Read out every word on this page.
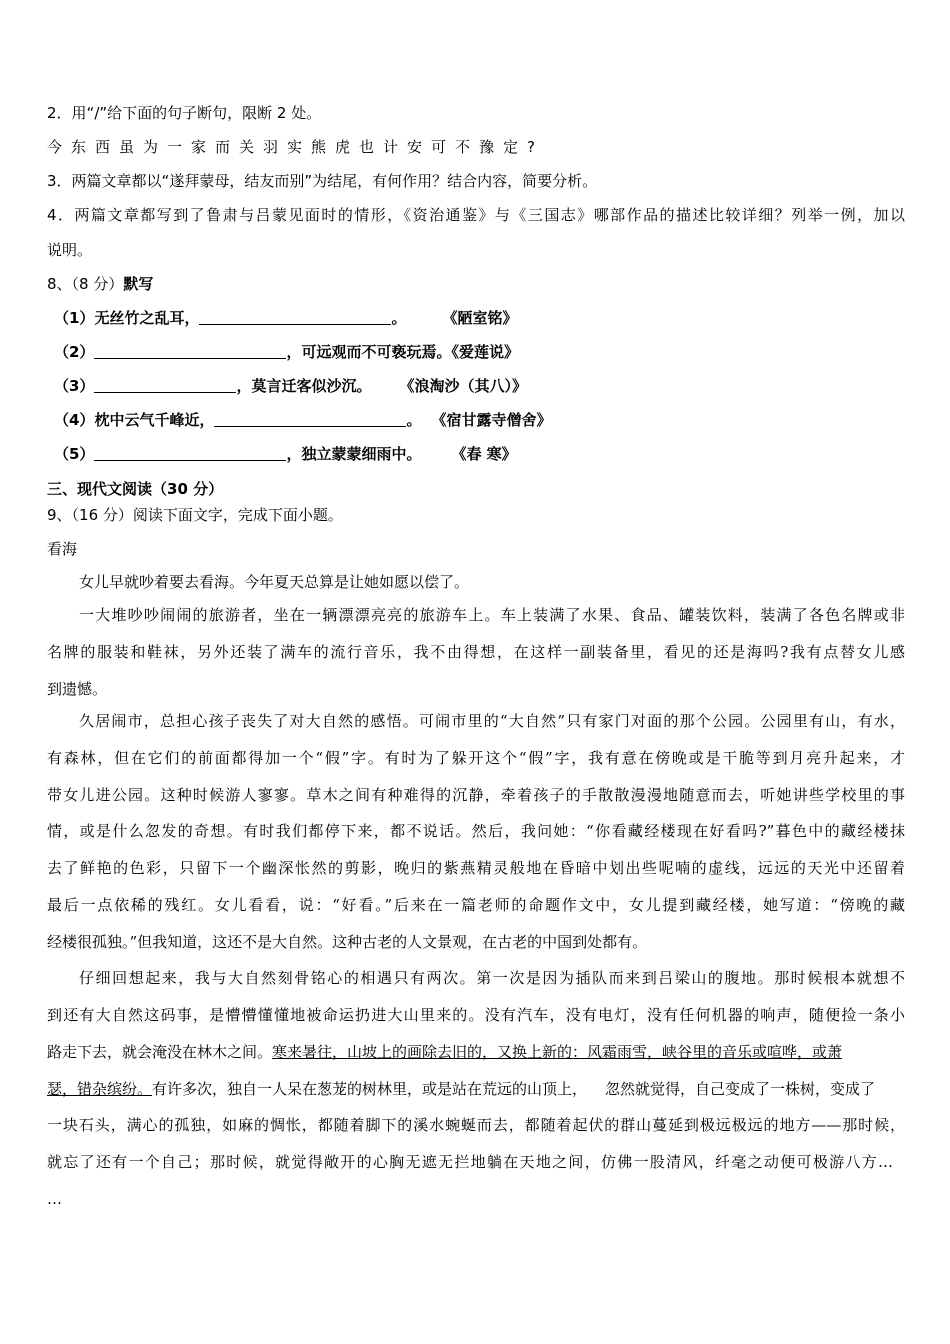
2．用“/”给下面的句子断句，限断 2 处。
今东西虽为一家而关羽实熊虎也计安可不豫定?
3．两篇文章都以“遂拜蒙母，结友而别”为结尾，有何作用？结合内容，简要分析。
4．两篇文章都写到了鲁肃与吕蒙见面时的情形，《资治通鉴》与《三国志》哪部作品的描述比较详细？列举一例，加以
说明。
8、（8 分）默写
（1）无丝竹之乱耳，	。 《陋室铭》
（2）	，可远观而不可亵玩焉。《爱莲说》
（3）	，莫言迁客似沙沉。 《浪淘沙（其八）》
（4）枕中云气千峰近，	。 《宿甘露寺僧舍》
（5）	，独立蒙蒙细雨中。 《春 寒》
三、现代文阅读（30 分）
9、（16 分）阅读下面文字，完成下面小题。
看海
女儿早就吵着要去看海。今年夏天总算是让她如愿以偿了。
一大堆吵吵闹闹的旅游者，坐在一辆漂漂亮亮的旅游车上。车上装满了水果、食品、罐装饮料，装满了各色名牌或非
名牌的服装和鞋袜，另外还装了满车的流行音乐，我不由得想，在这样一副装备里，看见的还是海吗?我有点替女儿感
到遗憾。
久居闹市，总担心孩子丧失了对大自然的感悟。可闹市里的“大自然”只有家门对面的那个公园。公园里有山，有水，
有森林，但在它们的前面都得加一个“假”字。有时为了躲开这个“假”字，我有意在傍晚或是干脆等到月亮升起来，才
带女儿进公园。这种时候游人寥寥。草木之间有种难得的沉静，牵着孩子的手散散漫漫地随意而去，听她讲些学校里的事
情，或是什么忽发的奇想。有时我们都停下来，都不说话。然后，我问她：“你看藏经楼现在好看吗?”暮色中的藏经楼抹
去了鲜艳的色彩，只留下一个幽深怅然的剪影，晚归的紫燕精灵般地在昏暗中划出些呢喃的虚线，远远的天光中还留着
最后一点依稀的残红。女儿看看，说：“好看。”后来在一篇老师的命题作文中，女儿提到藏经楼，她写道：“傍晚的藏
经楼很孤独。”但我知道，这还不是大自然。这种古老的人文景观，在古老的中国到处都有。
仔细回想起来，我与大自然刻骨铭心的相遇只有两次。第一次是因为插队而来到吕梁山的腹地。那时候根本就想不
到还有大自然这码事，是懵懵懂懂地被命运扔进大山里来的。没有汽车，没有电灯，没有任何机器的响声，随便捡一条小
路走下去，就会淹没在林木之间。寒来暑往，山坡上的画除去旧的，又换上新的：风霜雨雪，峡谷里的音乐或喧哗，或萧
瑟，错杂缤纷。有许多次，独自一人呆在葱茏的树林里，或是站在荒远的山顶上， 忽然就觉得，自己变成了一株树，变成了
一块石头，满心的孤独，如麻的惆怅，都随着脚下的溪水蜿蜒而去，都随着起伏的群山蔓延到极远极远的地方——那时候，
就忘了还有一个自己；那时候，就觉得敞开的心胸无遮无拦地躺在天地之间，仿佛一股清风，纤毫之动便可极游八方…
…
